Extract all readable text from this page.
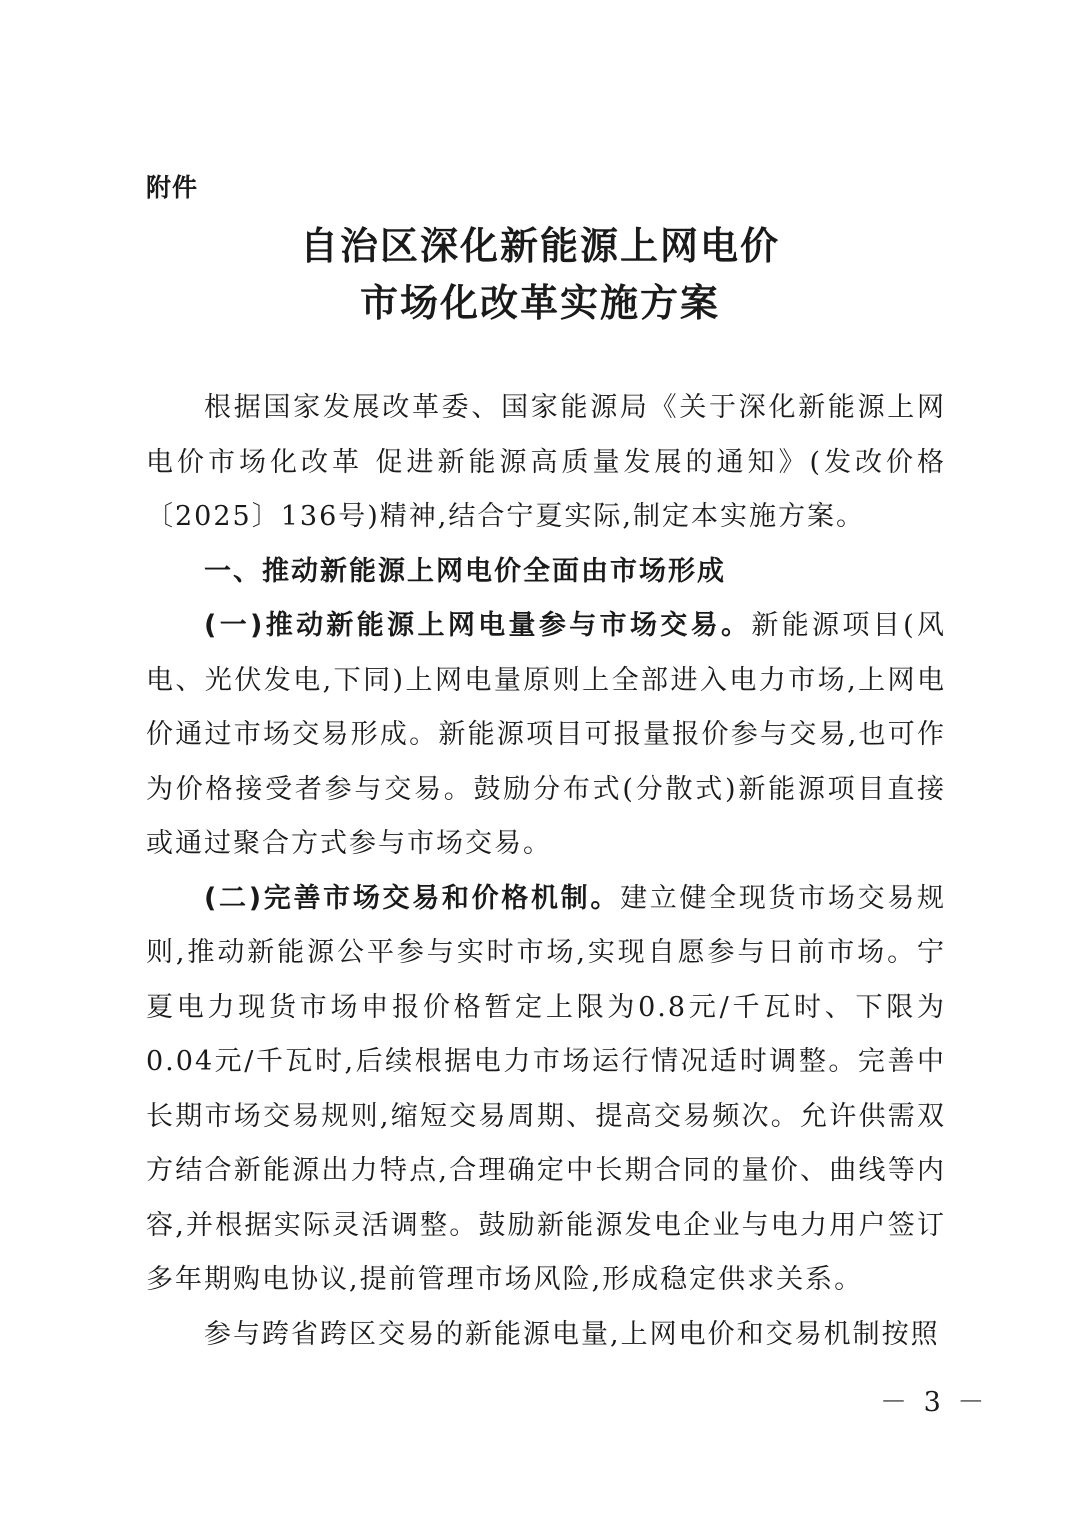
附件
自治区深化新能源上网电价
市场化改革实施方案

根据国家发展改革委、国家能源局《关于深化新能源上网电价市场化改革 促进新能源高质量发展的通知》(发改价格〔2025〕136号)精神,结合宁夏实际,制定本实施方案。

一、推动新能源上网电价全面由市场形成

(一)推动新能源上网电量参与市场交易。新能源项目(风电、光伏发电,下同)上网电量原则上全部进入电力市场,上网电价通过市场交易形成。新能源项目可报量报价参与交易,也可作为价格接受者参与交易。鼓励分布式(分散式)新能源项目直接或通过聚合方式参与市场交易。

(二)完善市场交易和价格机制。建立健全现货市场交易规则,推动新能源公平参与实时市场,实现自愿参与日前市场。宁夏电力现货市场申报价格暂定上限为0.8元/千瓦时、下限为0.04元/千瓦时,后续根据电力市场运行情况适时调整。完善中长期市场交易规则,缩短交易周期、提高交易频次。允许供需双方结合新能源出力特点,合理确定中长期合同的量价、曲线等内容,并根据实际灵活调整。鼓励新能源发电企业与电力用户签订多年期购电协议,提前管理市场风险,形成稳定供求关系。

参与跨省跨区交易的新能源电量,上网电价和交易机制按照

－ 3 －
